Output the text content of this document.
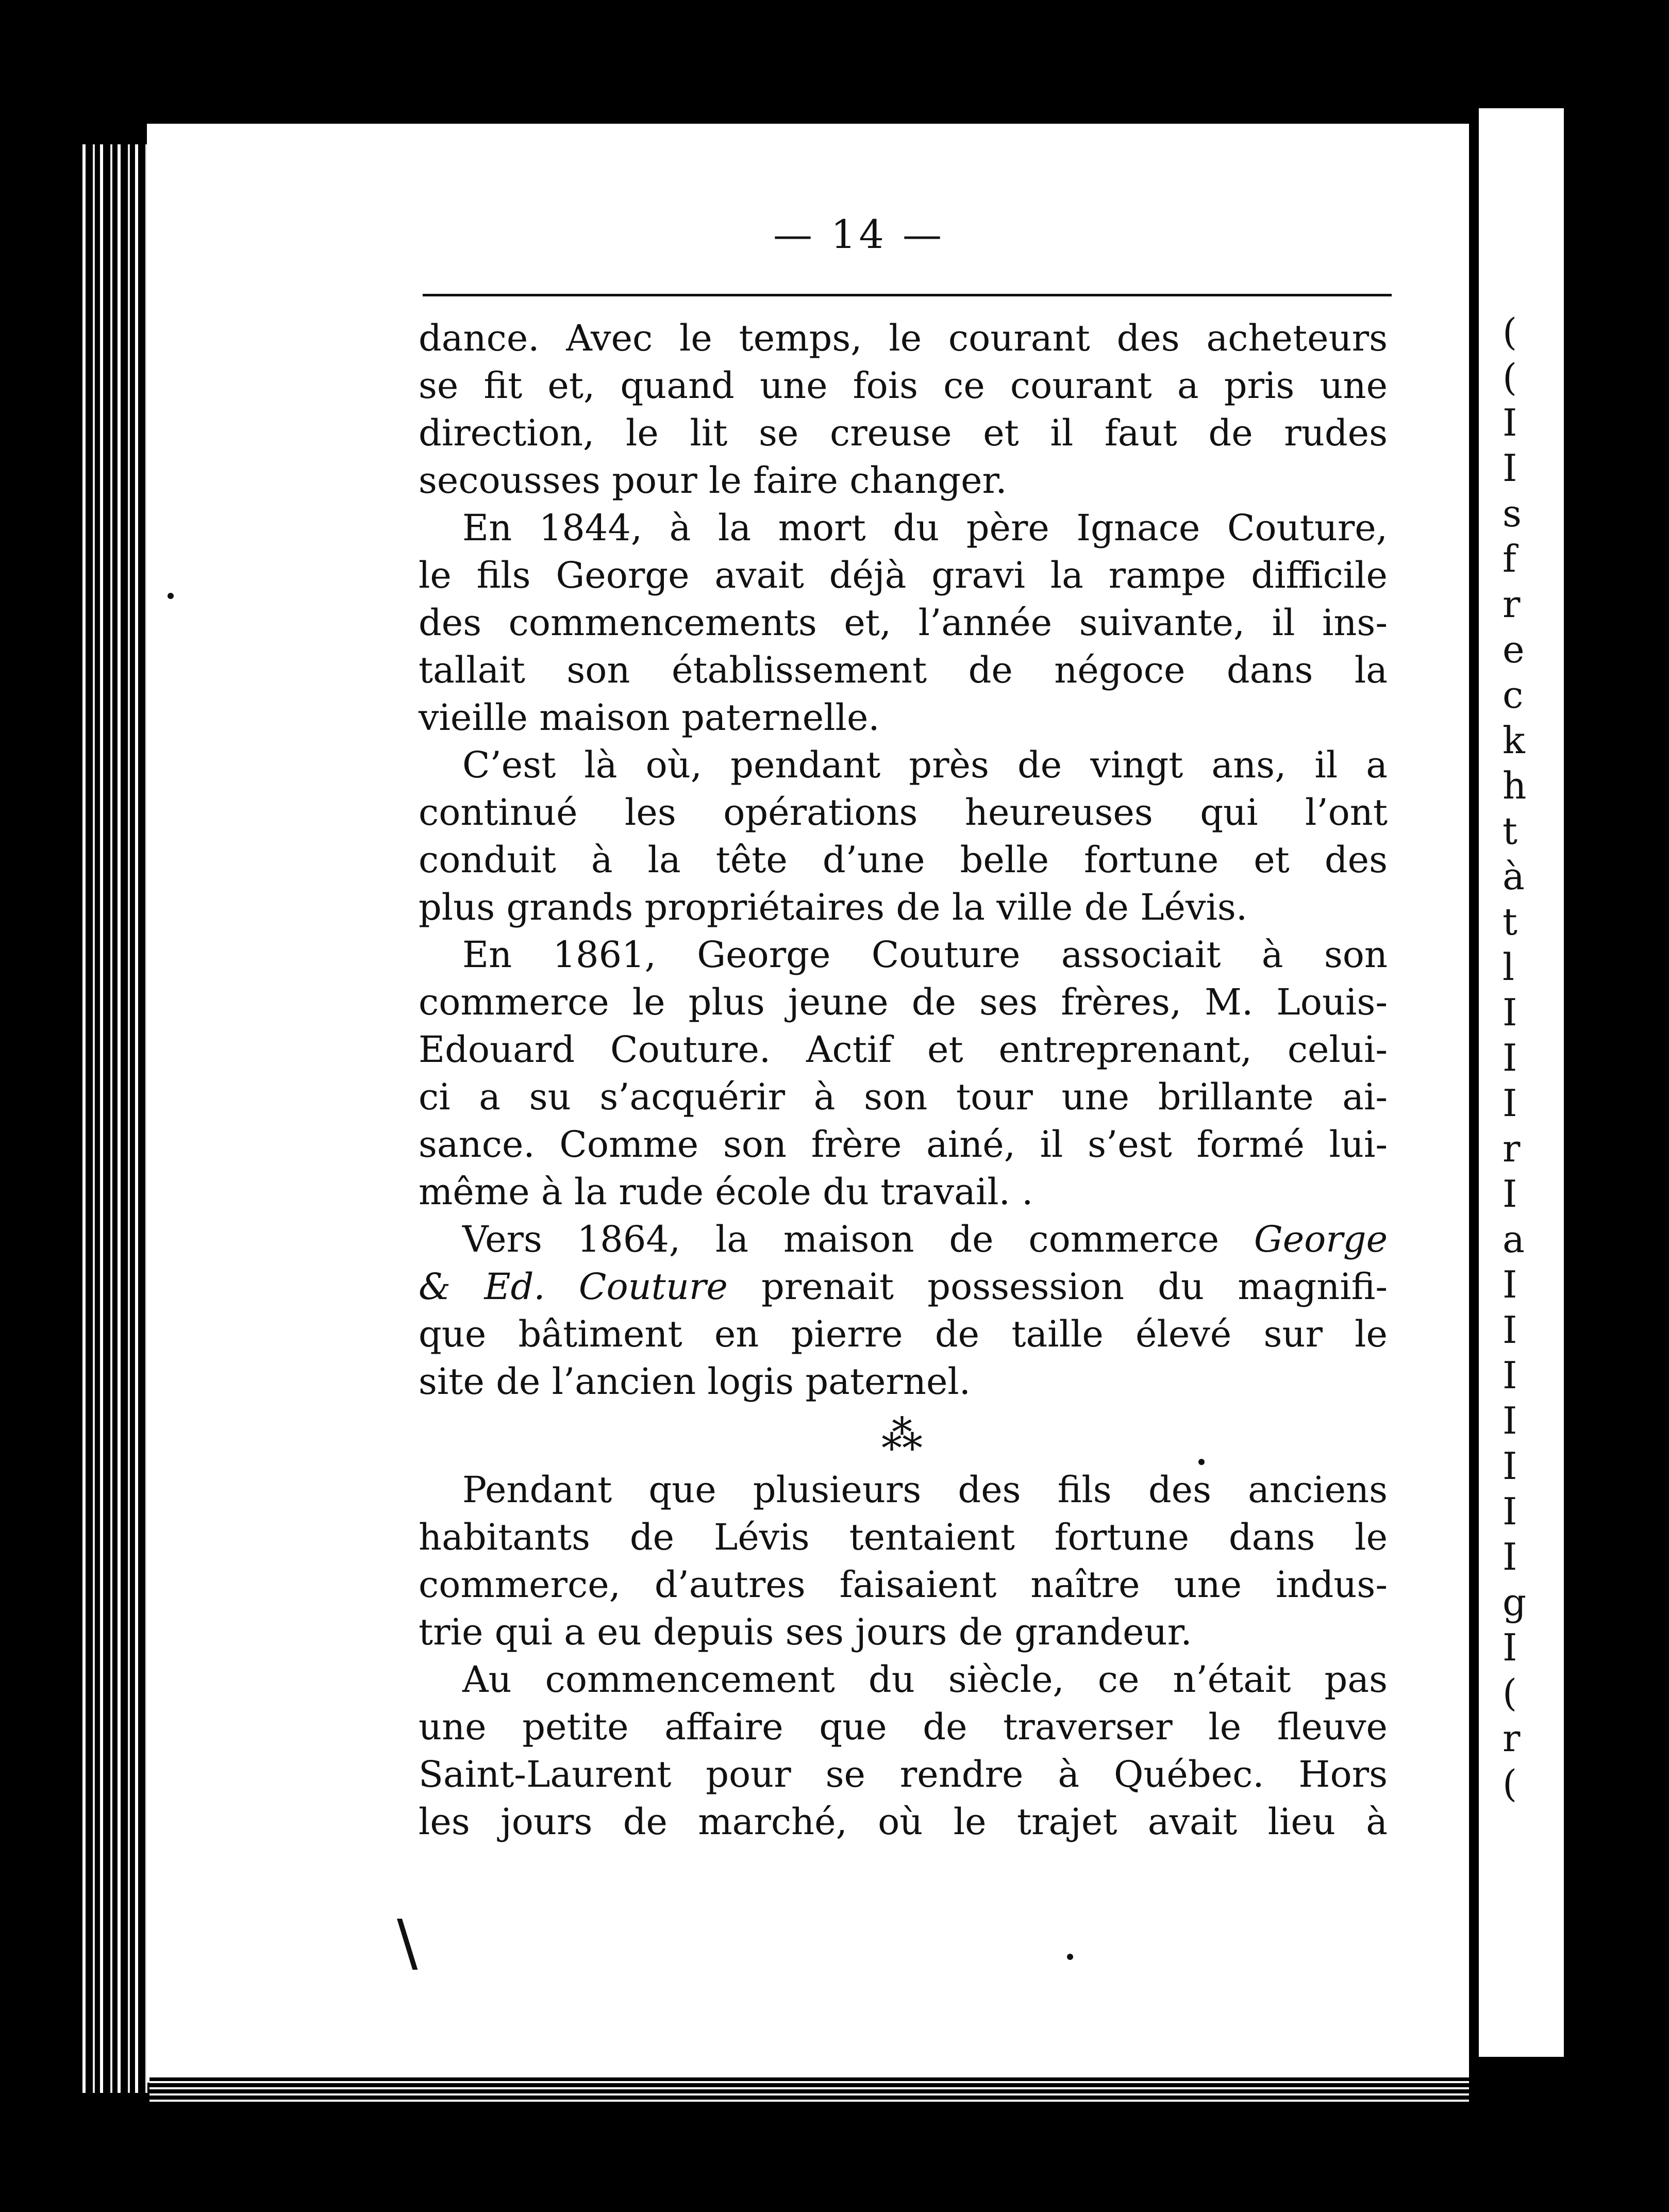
(
(
I
I
s
f
r
e
c
k
h
t
à
t
l
I
I
I
r
I
a
I
I
I
I
I
I
I
g
I
(
r
(
— 14 —
dance. Avec le temps, le courant des acheteurs
se fit et, quand une fois ce courant a pris une
direction, le lit se creuse et il faut de rudes
secousses pour le faire changer.
En 1844, à la mort du père Ignace Couture,
le fils George avait déjà gravi la rampe difficile
des commencements et, l’année suivante, il ins-
tallait son établissement de négoce dans la
vieille maison paternelle.
C’est là où, pendant près de vingt ans, il a
continué les opérations heureuses qui l’ont
conduit à la tête d’une belle fortune et des
plus grands propriétaires de la ville de Lévis.
En 1861, George Couture associait à son
commerce le plus jeune de ses frères, M. Louis-
Edouard Couture. Actif et entreprenant, celui-
ci a su s’acquérir à son tour une brillante ai-
sance. Comme son frère ainé, il s’est formé lui-
même à la rude école du travail. .
Vers 1864, la maison de commerce George
& Ed. Couture prenait possession du magnifi-
que bâtiment en pierre de taille élevé sur le
site de l’ancien logis paternel.
⁂
Pendant que plusieurs des fils des anciens
habitants de Lévis tentaient fortune dans le
commerce, d’autres faisaient naître une indus-
trie qui a eu depuis ses jours de grandeur.
Au commencement du siècle, ce n’était pas
une petite affaire que de traverser le fleuve
Saint-Laurent pour se rendre à Québec. Hors
les jours de marché, où le trajet avait lieu à
\
